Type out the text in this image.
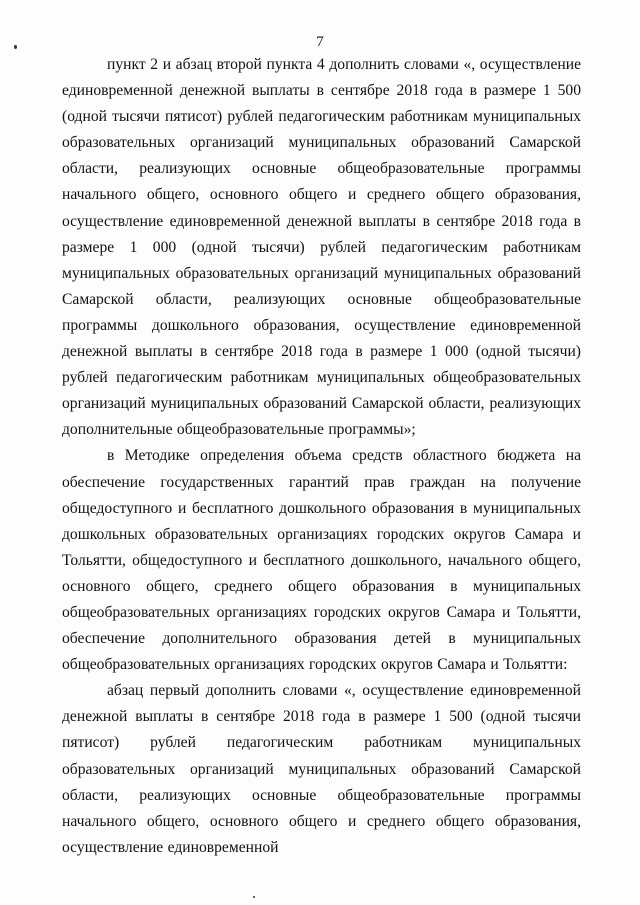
7

пункт 2 и абзац второй пункта 4 дополнить словами «, осуществление единовременной денежной выплаты в сентябре 2018 года в размере 1 500 (одной тысячи пятисот) рублей педагогическим работникам муниципальных образовательных организаций муниципальных образований Самарской области, реализующих основные общеобразовательные программы начального общего, основного общего и среднего общего образования, осуществление единовременной денежной выплаты в сентябре 2018 года в размере 1 000 (одной тысячи) рублей педагогическим работникам муниципальных образовательных организаций муниципальных образований Самарской области, реализующих основные общеобразовательные программы дошкольного образования, осуществление единовременной денежной выплаты в сентябре 2018 года в размере 1 000 (одной тысячи) рублей педагогическим работникам муниципальных общеобразовательных организаций муниципальных образований Самарской области, реализующих дополнительные общеобразовательные программы»;

в Методике определения объема средств областного бюджета на обеспечение государственных гарантий прав граждан на получение общедоступного и бесплатного дошкольного образования в муниципальных дошкольных образовательных организациях городских округов Самара и Тольятти, общедоступного и бесплатного дошкольного, начального общего, основного общего, среднего общего образования в муниципальных общеобразовательных организациях городских округов Самара и Тольятти, обеспечение дополнительного образования детей в муниципальных общеобразовательных организациях городских округов Самара и Тольятти:

абзац первый дополнить словами «, осуществление единовременной денежной выплаты в сентябре 2018 года в размере 1 500 (одной тысячи пятисот) рублей педагогическим работникам муниципальных образовательных организаций муниципальных образований Самарской области, реализующих основные общеобразовательные программы начального общего, основного общего и среднего общего образования, осуществление единовременной
